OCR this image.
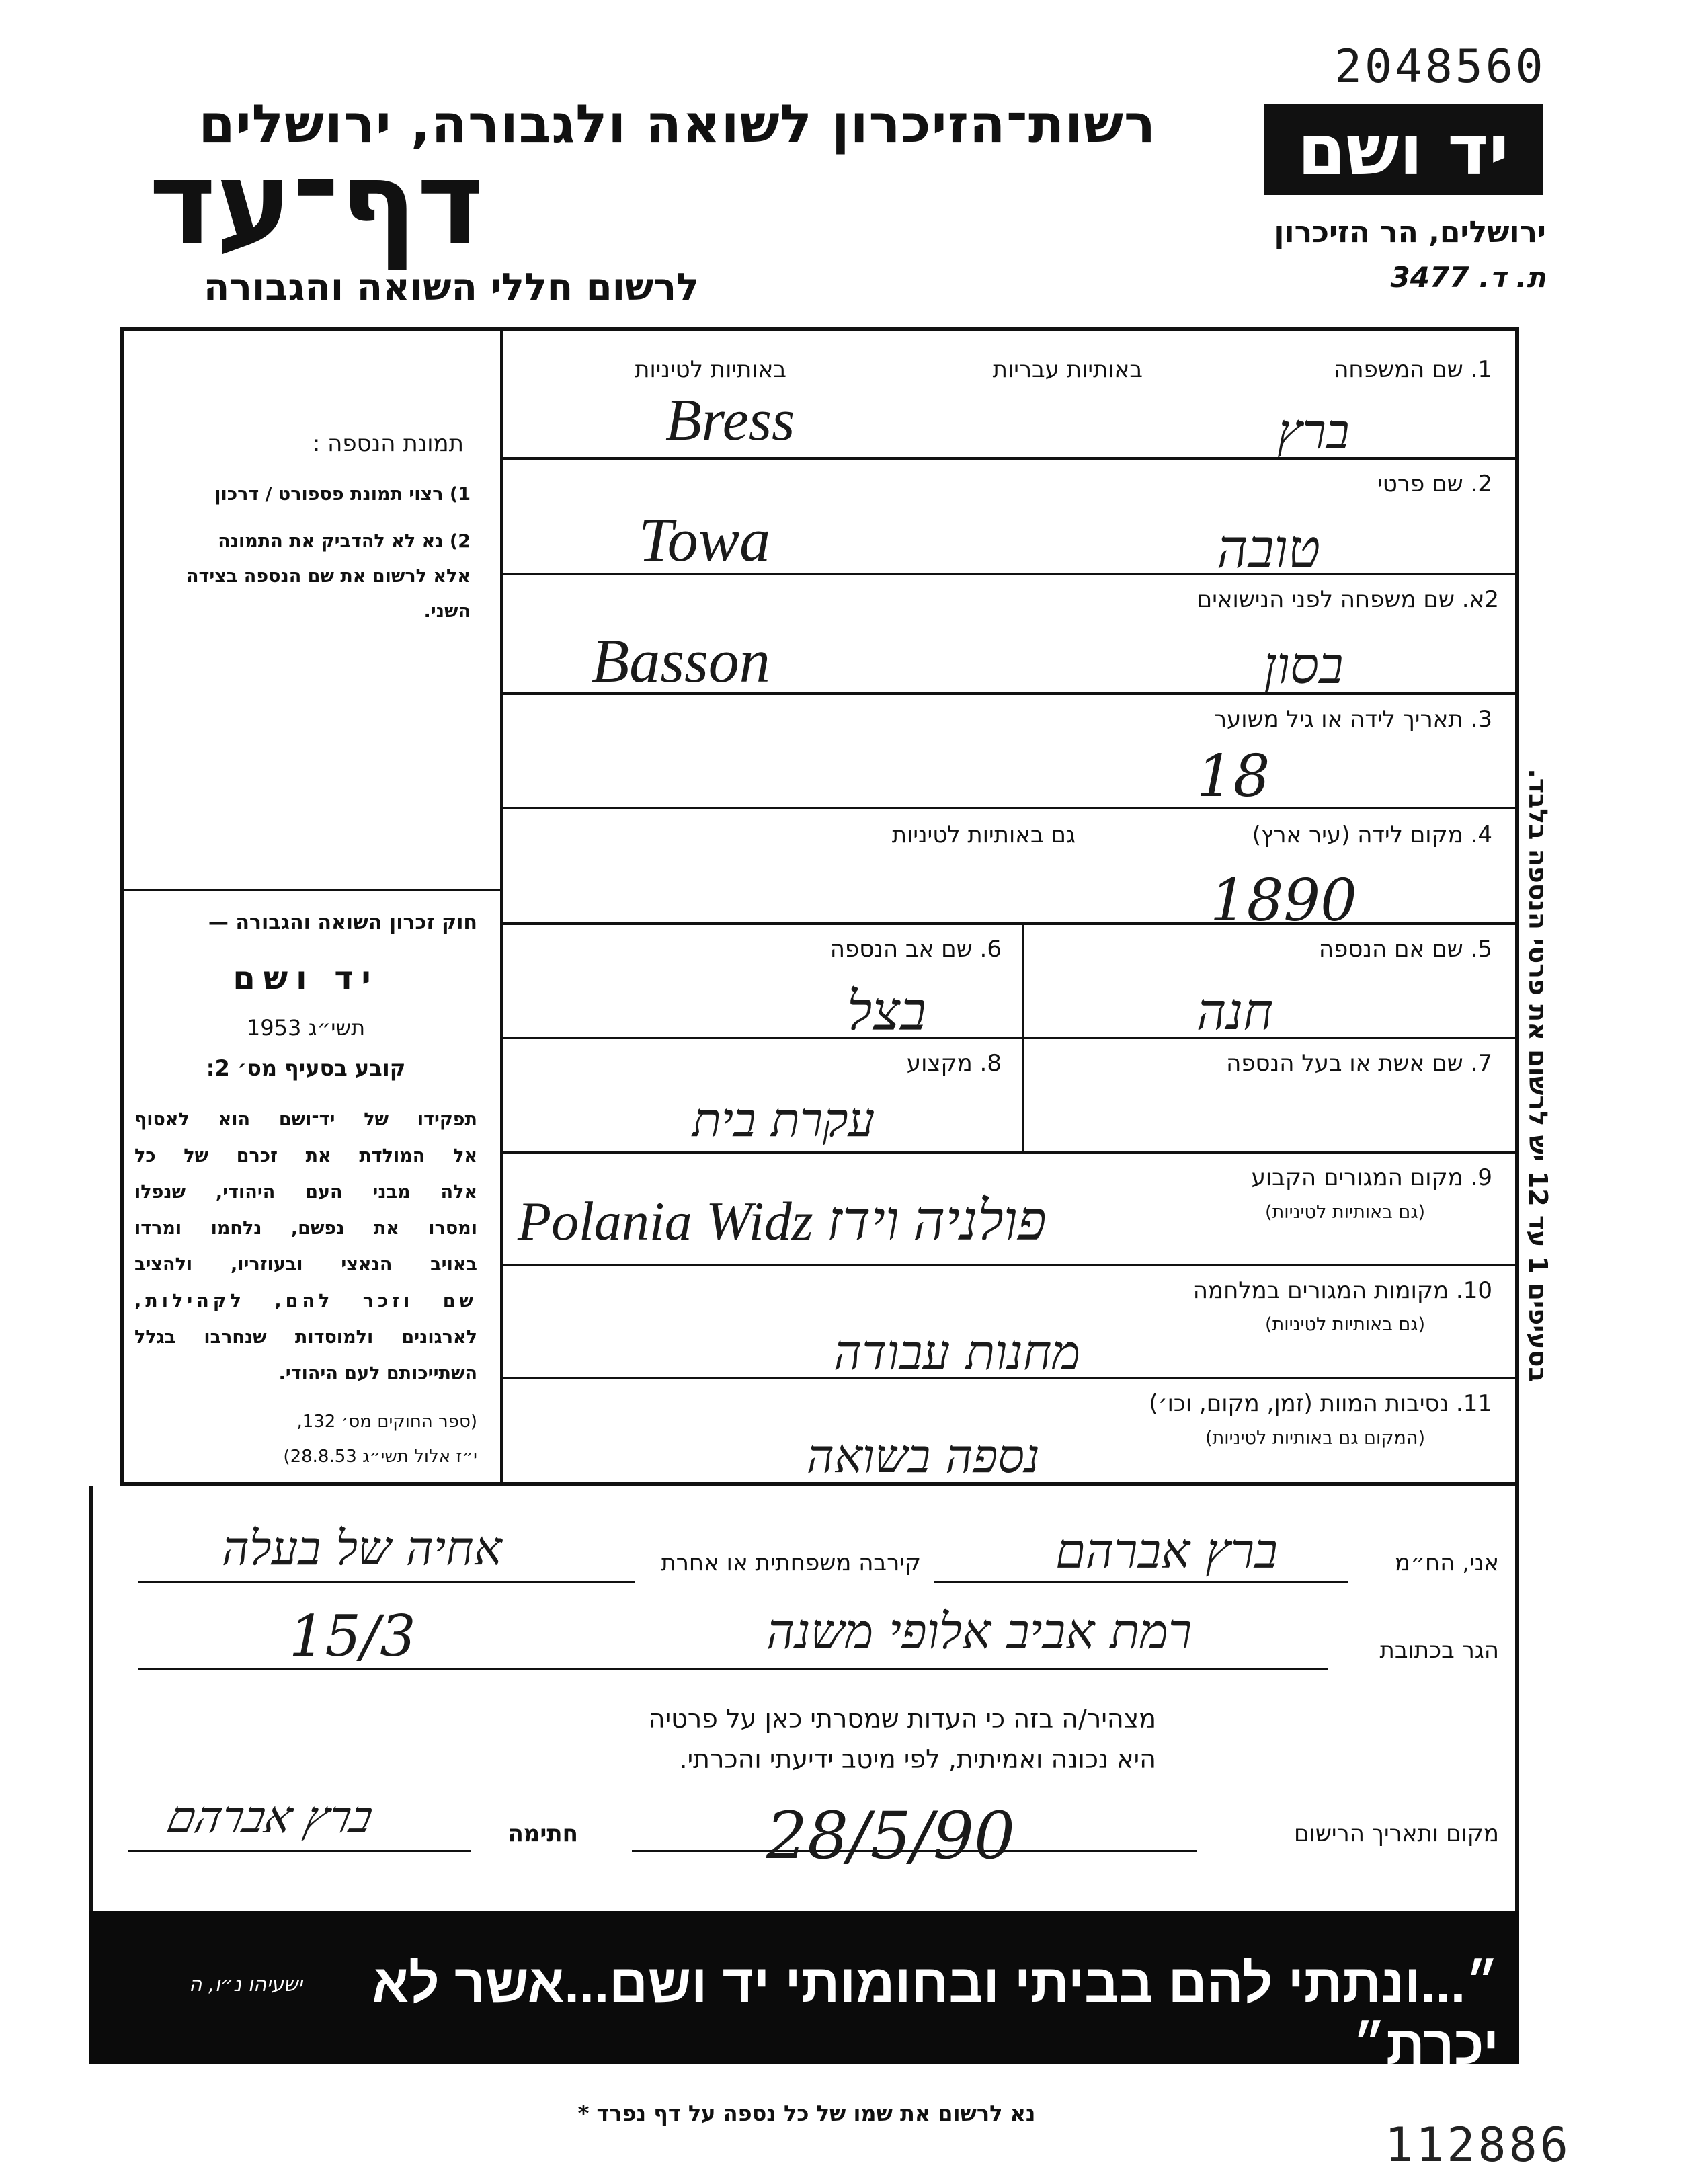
2048560
רשות־הזיכרון לשואה ולגבורה, ירושלים
דף־עד
לרשום חללי השואה והגבורה
יד ושם
ירושלים, הר הזיכרון
ת. ד. 3477
תמונת הנספה :
1) רצוי תמונת פספורט / דרכון
2) נא לא להדביק את התמונה
אלא לרשום את שם הנספה בצידה
השני.
חוק זכרון השואה והגבורה —
יד ושם
תשי״ג 1953
קובע בסעיף מס׳ 2:
תפקידו של יד־ושם הוא לאסוף
אל המולדת את זכרם של כל
אלה מבני העם היהודי, שנפלו
ומסרו את נפשם, נלחמו ומרדו
באויב הנאצי ובעוזריו, ולהציב
שם וזכר להם, לקהילות,
לארגונים ולמוסדות שנחרבו בגלל
השתייכותם לעם היהודי.
(ספר החוקים מס׳ 132,
י״ז אלול תשי״ג 28.8.53)
באותיות לטיניות	באותיות עבריות	1. שם המשפחה
Bress	ברץ
2. שם פרטי
Towa	טובה
2א. שם משפחה לפני הנישואים
Basson	בסון
3. תאריך לידה או גיל משוער
18
4. מקום לידה (עיר ארץ)
גם באותיות לטיניות
1890
5. שם אם הנספה
חנה
6. שם אב הנספה
בצל
7. שם אשת או בעל הנספה
8. מקצוע
עקרת בית
9. מקום המגורים הקבוע
(גם באותיות לטיניות)
Polania Widz פולניה וידז
10. מקומות המגורים במלחמה
(גם באותיות לטיניות)
מחנות עבודה
11. נסיבות המוות (זמן, מקום, וכו׳)
(המקום גם באותיות לטיניות)
נספה בשואה
בסעיפים 1 עד 12 יש לרשום את פרטי הנספה בלבד.
אני, הח״מ
ברץ אברהם
קירבה משפחתית או אחרת
אחיה של בעלה
הגר בכתובת
רמת אביב אלופי משנה
15/3
מצהיר/ה בזה כי העדות שמסרתי כאן על פרטיה
היא נכונה ואמיתית, לפי מיטב ידיעתי והכרתי.
מקום ותאריך הרישום
28/5/90
חתימה
ברץ אברהם
״...ונתתי להם בביתי ובחומותי יד ושם...אשר לא יכרת״
ישעיהו נ״ו, ה
נא לרשום את שמו של כל נספה על דף נפרד *
112886
